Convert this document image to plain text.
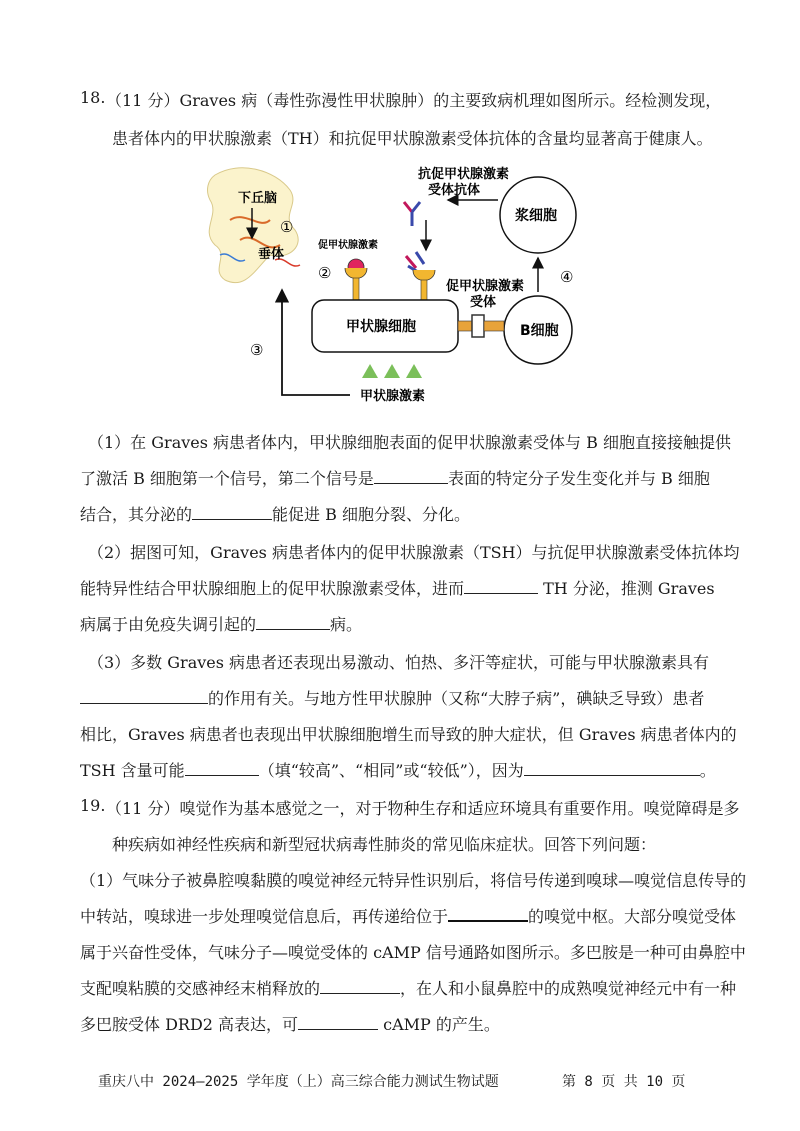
18. （11 分）Graves 病（毒性弥漫性甲状腺肿）的主要致病机理如图所示。经检测发现，
患者体内的甲状腺激素（TH）和抗促甲状腺激素受体抗体的含量均显著高于健康人。
下丘脑
①
垂体
促甲状腺激素
②
抗促甲状腺激素
受体抗体
浆细胞
促甲状腺激素
受体
④
B细胞
甲状腺细胞
③
甲状腺激素
（1）在 Graves 病患者体内，甲状腺细胞表面的促甲状腺激素受体与 B 细胞直接接触提供
了激活 B 细胞第一个信号，第二个信号是	表面的特定分子发生变化并与 B 细胞
结合，其分泌的	能促进 B 细胞分裂、分化。
（2）据图可知，Graves 病患者体内的促甲状腺激素（TSH）与抗促甲状腺激素受体抗体均
能特异性结合甲状腺细胞上的促甲状腺激素受体，进而	TH 分泌，推测 Graves
病属于由免疫失调引起的	病。
（3）多数 Graves 病患者还表现出易激动、怕热、多汗等症状，可能与甲状腺激素具有
的作用有关。与地方性甲状腺肿（又称“大脖子病”，碘缺乏导致）患者
相比，Graves 病患者也表现出甲状腺细胞增生而导致的肿大症状，但 Graves 病患者体内的
TSH 含量可能	（填“较高”、“相同”或“较低”），因为	。
19. （11 分）嗅觉作为基本感觉之一，对于物种生存和适应环境具有重要作用。嗅觉障碍是多
种疾病如神经性疾病和新型冠状病毒性肺炎的常见临床症状。回答下列问题：
（1）气味分子被鼻腔嗅黏膜的嗅觉神经元特异性识别后，将信号传递到嗅球—嗅觉信息传导的
中转站，嗅球进一步处理嗅觉信息后，再传递给位于	的嗅觉中枢。大部分嗅觉受体
属于兴奋性受体，气味分子—嗅觉受体的 cAMP 信号通路如图所示。多巴胺是一种可由鼻腔中
支配嗅粘膜的交感神经末梢释放的	，在人和小鼠鼻腔中的成熟嗅觉神经元中有一种
多巴胺受体 DRD2 高表达，可	cAMP 的产生。
重庆八中 2024—2025 学年度（上）高三综合能力测试生物试题	第 8 页 共 10 页
